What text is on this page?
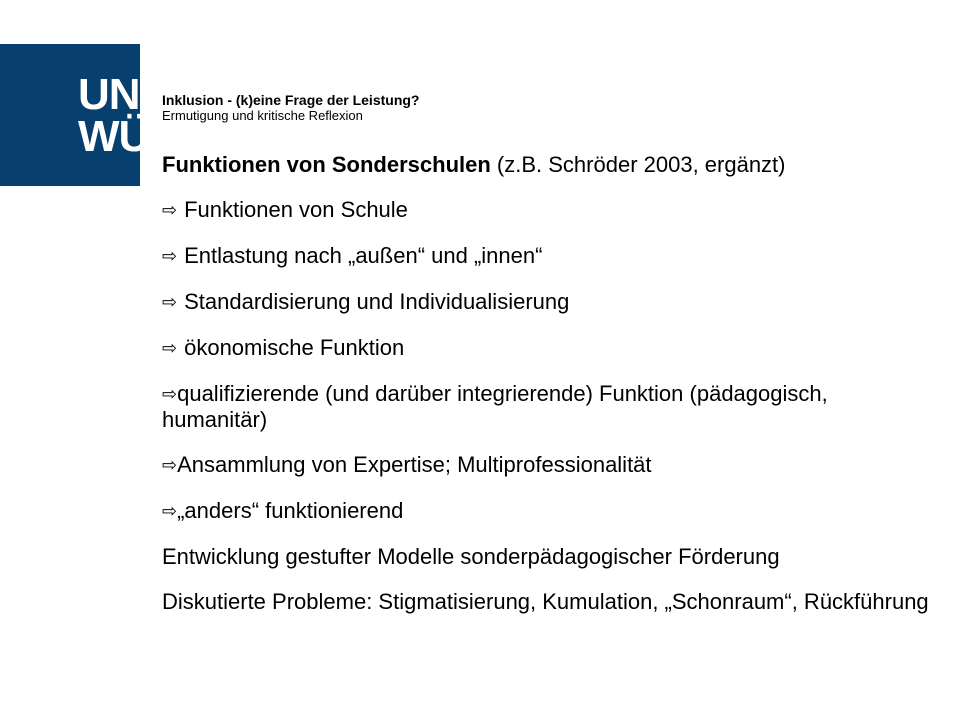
UNI
WÜ
Inklusion - (k)eine Frage der Leistung?
Ermutigung und kritische Reflexion
Funktionen von Sonderschulen (z.B. Schröder 2003, ergänzt)
⇨ Funktionen von Schule
⇨ Entlastung nach „außen“ und „innen“
⇨ Standardisierung und Individualisierung
⇨ ökonomische Funktion
⇨qualifizierende (und darüber integrierende) Funktion (pädagogisch, humanitär)
⇨Ansammlung von Expertise; Multiprofessionalität
⇨„anders“ funktionierend
Entwicklung gestufter Modelle sonderpädagogischer Förderung
Diskutierte Probleme: Stigmatisierung, Kumulation, „Schonraum“, Rückführung
